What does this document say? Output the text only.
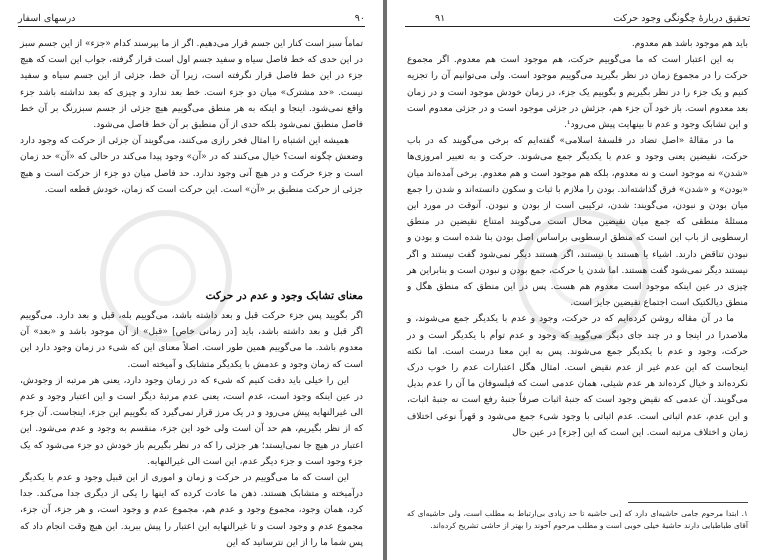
درسهای اسفار	۹۰

تماماً سبز است کنار این جسم قرار می‌دهیم. اگر از ما بپرسند کدام «جزء» از این جسم سبز در این حدی که خط فاصل سیاه و سفید جسم اول است قرار گرفته، جواب این است که هیچ جزء در این خط فاصل قرار نگرفته است، زیرا آن خط، جزئی از این جسم سیاه و سفید نیست. «حد مشترک» میان دو جزء است. خط بعد ندارد و چیزی که بعد نداشته باشد جزء واقع نمی‌شود. اینجا و اینکه به هر منطق می‌گوییم هیچ جزئی از جسم سبزرنگ بر آن خط فاصل منطبق نمی‌شود بلکه حدی از آن منطبق بر آن خط فاصل می‌شود.

همیشه این اشتباه را امثال فخر رازی می‌کنند، می‌گویند آن جزئی از حرکت که وجود دارد وضعش چگونه است؟ خیال می‌کنند که در «آن» وجود پیدا می‌کند در حالی که «آن» حد زمان است و جزء حرکت و در هیچ آنی وجود ندارد. حد فاصل میان دو جزء از حرکت است و هیچ جزئی از حرکت منطبق بر «آن» است. این حرکت است که زمان، خودش قطعه است.

معنای تشابک وجود و عدم در حرکت

اگر بگویید پس جزء حرکت قبل و بعد داشته باشد، می‌گوییم بله، قبل و بعد دارد. می‌گوییم اگر قبل و بعد داشته باشد، باید [در زمانی خاص] «قبل» از آن موجود باشد و «بعد» آن معدوم باشد. ما می‌گوییم همین طور است. اصلاً معنای این که شیء در زمان وجود دارد این است که زمان وجود و عدمش با یکدیگر متشابک و آمیخته است.

این را خیلی باید دقت کنیم که شیء که در زمان وجود دارد، یعنی هر مرتبه از وجودش، در عین اینکه وجود است، عدم است، یعنی عدم مرتبهٔ دیگر است و این اعتبار وجود و عدم الی غیرالنهایه پیش می‌رود و در یک مرز قرار نمی‌گیرد که بگوییم این جزء، اینجاست. آن جزء که از نظر بگیریم، هم حد آن است ولی خود این جزء، منقسم به وجود و عدم می‌شود. این اعتبار در هیچ جا نمی‌ایستد؛ هر جزئی را که در نظر بگیریم باز خودش دو جزء می‌شود که یک جزء وجود است و جزء دیگر عدم، این است الی غیرالنهایه.

این است که ما می‌گوییم در حرکت و زمان و اموری از این قبیل وجود و عدم با یکدیگر درآمیخته و متشابک هستند. ذهن ما عادت کرده که اینها را یکی از دیگری جدا می‌کند. جدا کرد، همان وجود، مجموع وجود و عدم هم، مجموع عدم و وجود است، و هر جزء، آن جزء، مجموع عدم و وجود است و تا غیرالنهایه این اعتبار را پیش ببرید. این هیچ وقت انجام داد که پس شما ما را از این نترسانید که این

۹۱	تحقیق دربارهٔ چگونگی وجود حرکت

باید هم موجود باشد هم معدوم.

به این اعتبار است که ما می‌گوییم حرکت، هم موجود است هم معدوم. اگر مجموع حرکت را در مجموع زمان در نظر بگیرید می‌گوییم موجود است. ولی می‌توانیم آن را تجزیه کنیم و یک جزء را در نظر بگیریم و بگوییم یک جزء، در زمان خودش موجود است و در زمان بعد معدوم است. باز خود آن جزء هم، جزئش در جزئی موجود است و در جزئی معدوم است و این تشابک وجود و عدم تا بینهایت پیش می‌رود¹.

ما در مقالهٔ «اصل تضاد در فلسفهٔ اسلامی» گفته‌ایم که برخی می‌گویند که در باب حرکت، نقیضین یعنی وجود و عدم با یکدیگر جمع می‌شوند. حرکت و به تعبیر امروزی‌ها «شدن» نه موجود است و نه معدوم، بلکه هم موجود است و هم معدوم. برخی آمده‌اند میان «بودن» و «شدن» فرق گذاشته‌اند. بودن را ملازم با ثبات و سکون دانسته‌اند و شدن را جمع میان بودن و نبودن، می‌گویند: شدن، ترکیبی است از بودن و نبودن. آنوقت در مورد این مسئلهٔ منطقی که جمع میان نقیضین محال است می‌گویند امتناع نقیضین در منطق ارسطویی از باب این است که منطق ارسطویی براساس اصل بودن بنا شده است و بودن و نبودن تناقض دارند. اشیاء یا هستند یا نیستند، اگر هستند دیگر نمی‌شود گفت نیستند و اگر نیستند دیگر نمی‌شود گفت هستند. اما شدن یا حرکت، جمع بودن و نبودن است و بنابراین هر چیزی در عین اینکه موجود است معدوم هم هست. پس در این منطق که منطق هگل و منطق دیالکتیک است اجتماع نقیضین جایز است.

ما در آن مقاله روشن کرده‌ایم که در حرکت، وجود و عدم با یکدیگر جمع می‌شوند، و ملاصدرا در اینجا و در چند جای دیگر می‌گوید که وجود و عدم توأم با یکدیگر است و در حرکت، وجود و عدم با یکدیگر جمع می‌شوند. پس به این معنا درست است. اما نکته اینجاست که این عدم غیر از عدم نقیض است. امثال هگل اعتبارات عدم را خوب درک نکرده‌اند و خیال کرده‌اند هر عدم شیئی، همان عدمی است که فیلسوفان ما آن را عدم بدیل می‌گویند. آن عدمی که نقیض وجود است که جنبهٔ اثبات صرفاً جنبهٔ رفع است نه جنبهٔ اثبات، و این عدم، عدم اثباتی است. عدم اثباتی با وجود شیء جمع می‌شود و قهراً نوعی اختلاف زمان و اختلاف مرتبه است. این است که این [جزء] در عین حال

۱. ابتدا مرحوم جامی حاشیه‌ای دارد که [بی حاشیه تا حد زیادی بی‌ارتباط به مطلب است، ولی حاشیه‌ای که آقای طباطبایی دارند حاشیهٔ خیلی خوبی است و مطلب مرحوم آخوند را بهتر از حاشی تشریح کرده‌اند.
